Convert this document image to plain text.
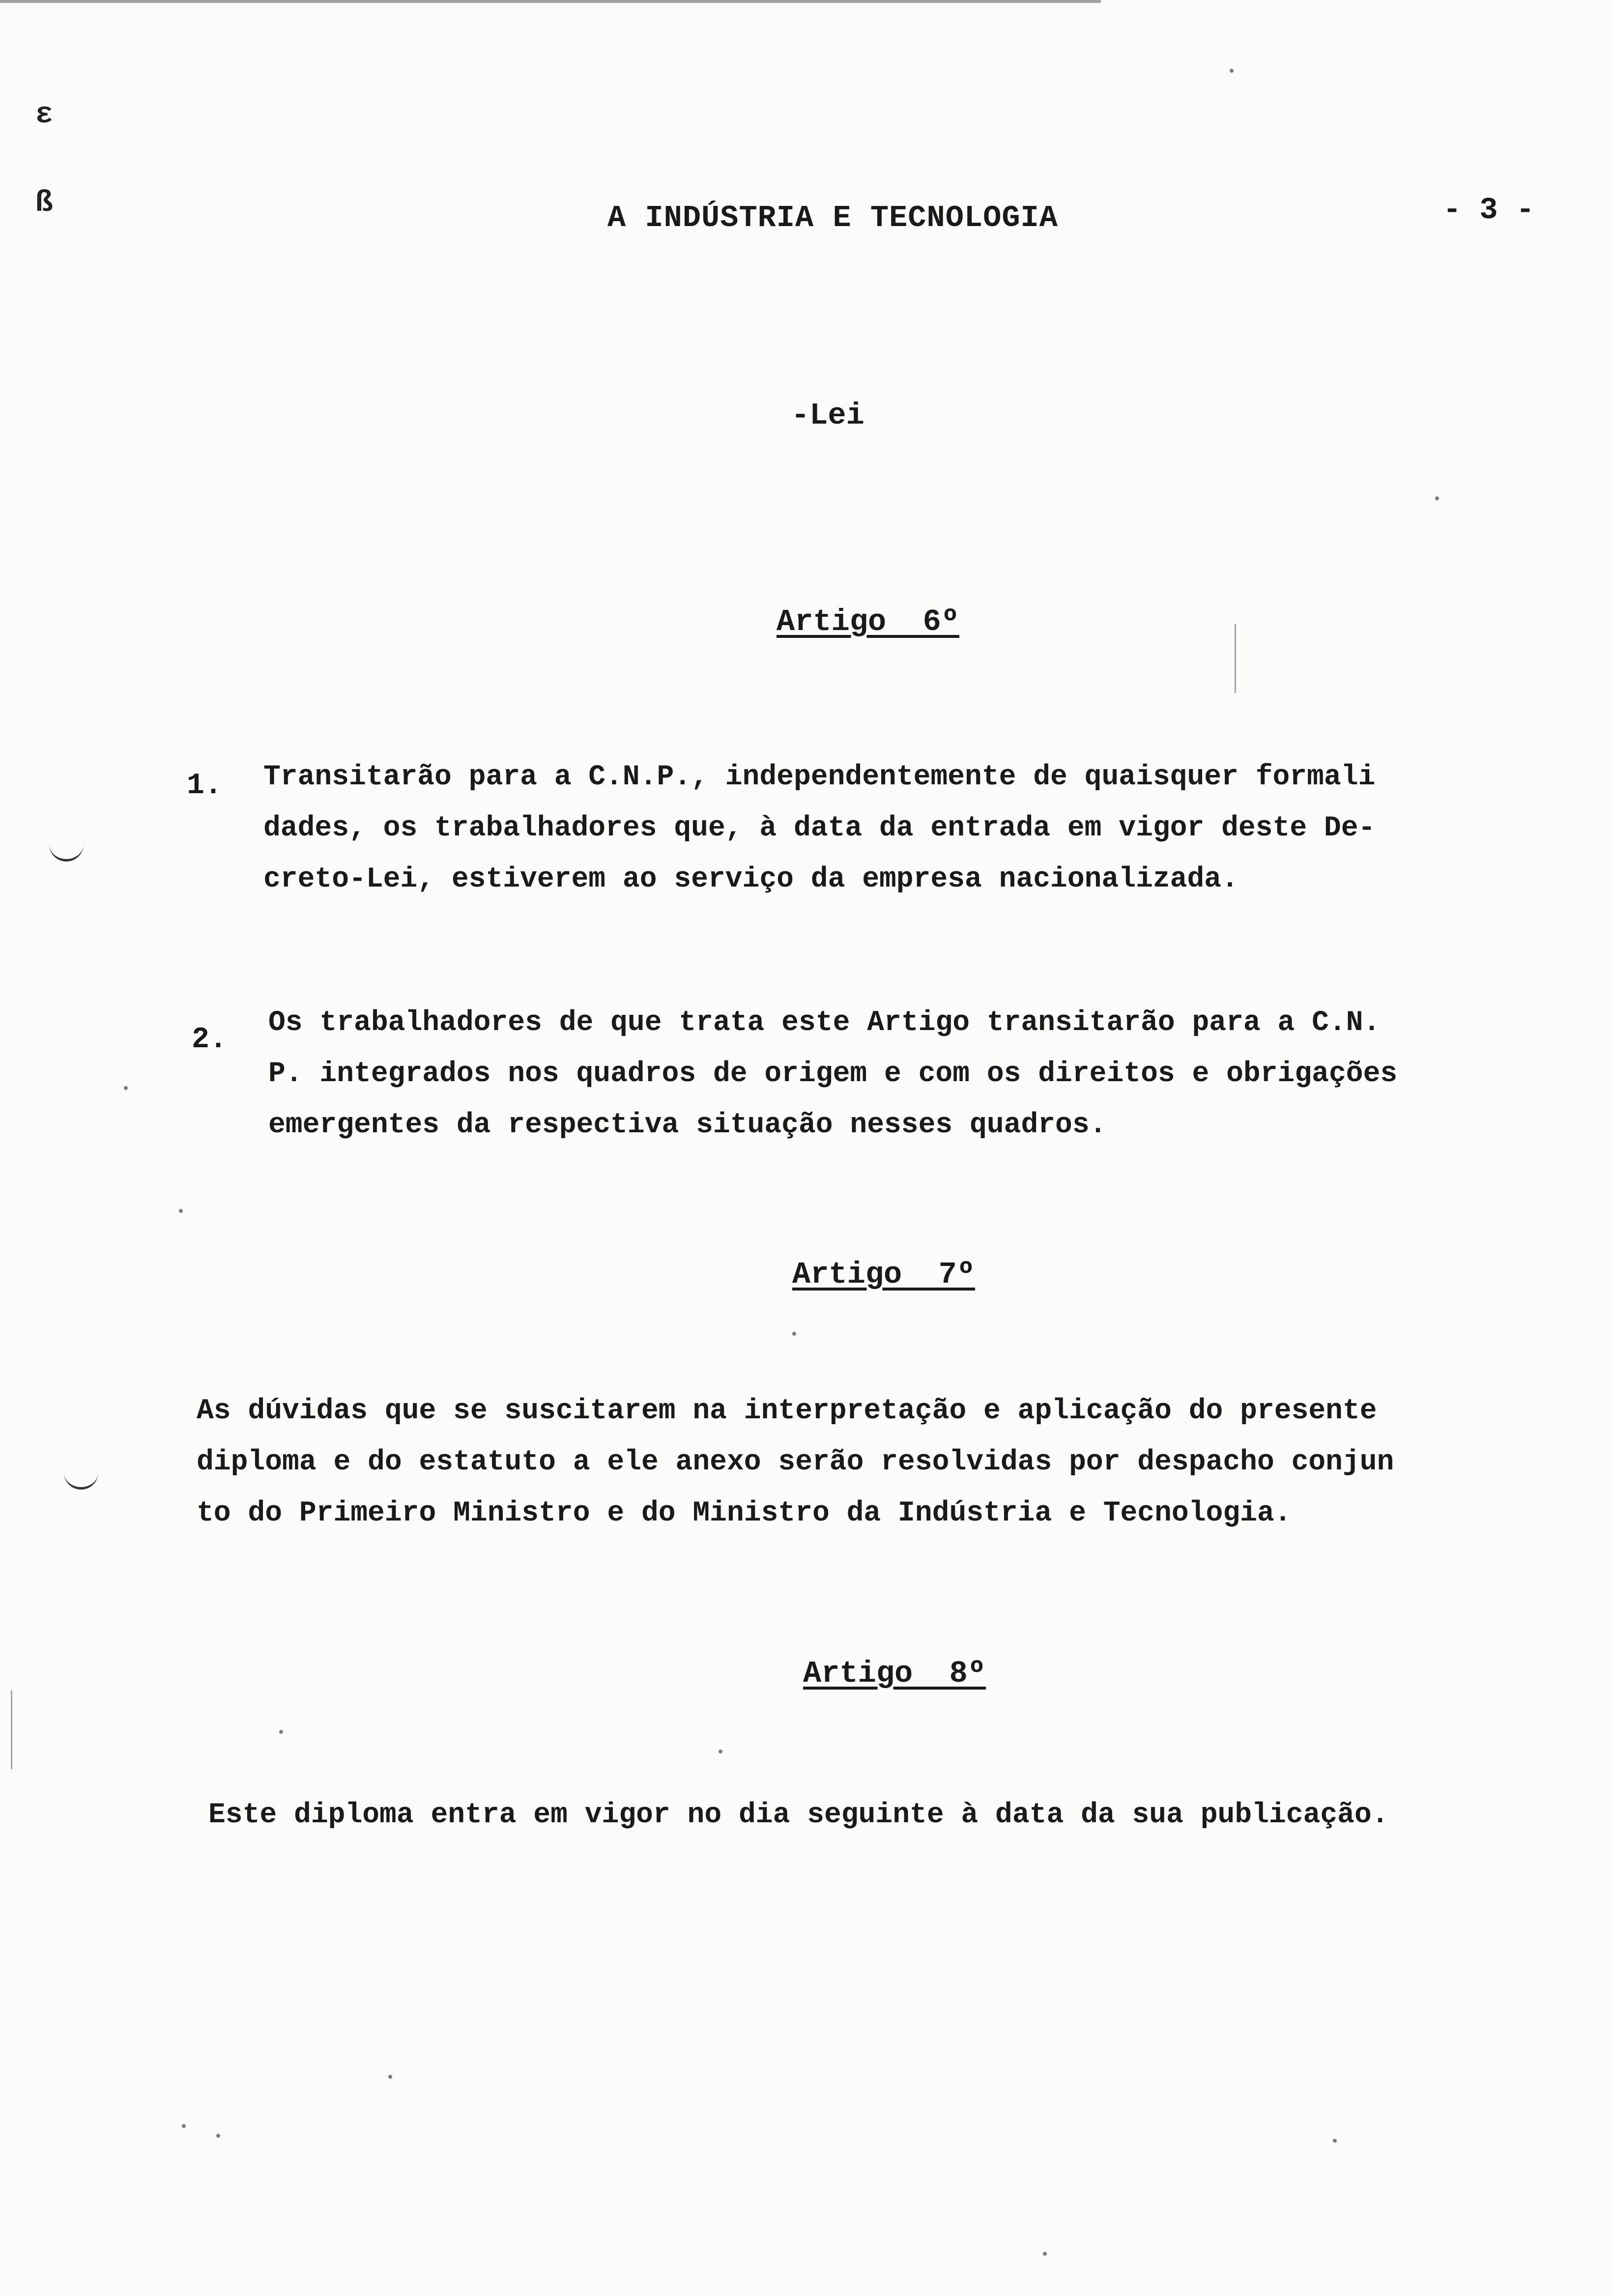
ε
ß	A INDÚSTRIA E TECNOLOGIA	- 3 -
-Lei
Artigo  6º
1. Transitarão para a C.N.P., independentemente de quaisquer formali
dades, os trabalhadores que, à data da entrada em vigor deste De-
creto-Lei, estiverem ao serviço da empresa nacionalizada.
2.
Os trabalhadores de que trata este Artigo transitarão para a C.N.
P. integrados nos quadros de origem e com os direitos e obrigações
emergentes da respectiva situação nesses quadros.
Artigo  7º
As dúvidas que se suscitarem na interpretação e aplicação do presente
diploma e do estatuto a ele anexo serão resolvidas por despacho conjun
to do Primeiro Ministro e do Ministro da Indústria e Tecnologia.
Artigo  8º
Este diploma entra em vigor no dia seguinte à data da sua publicação.
